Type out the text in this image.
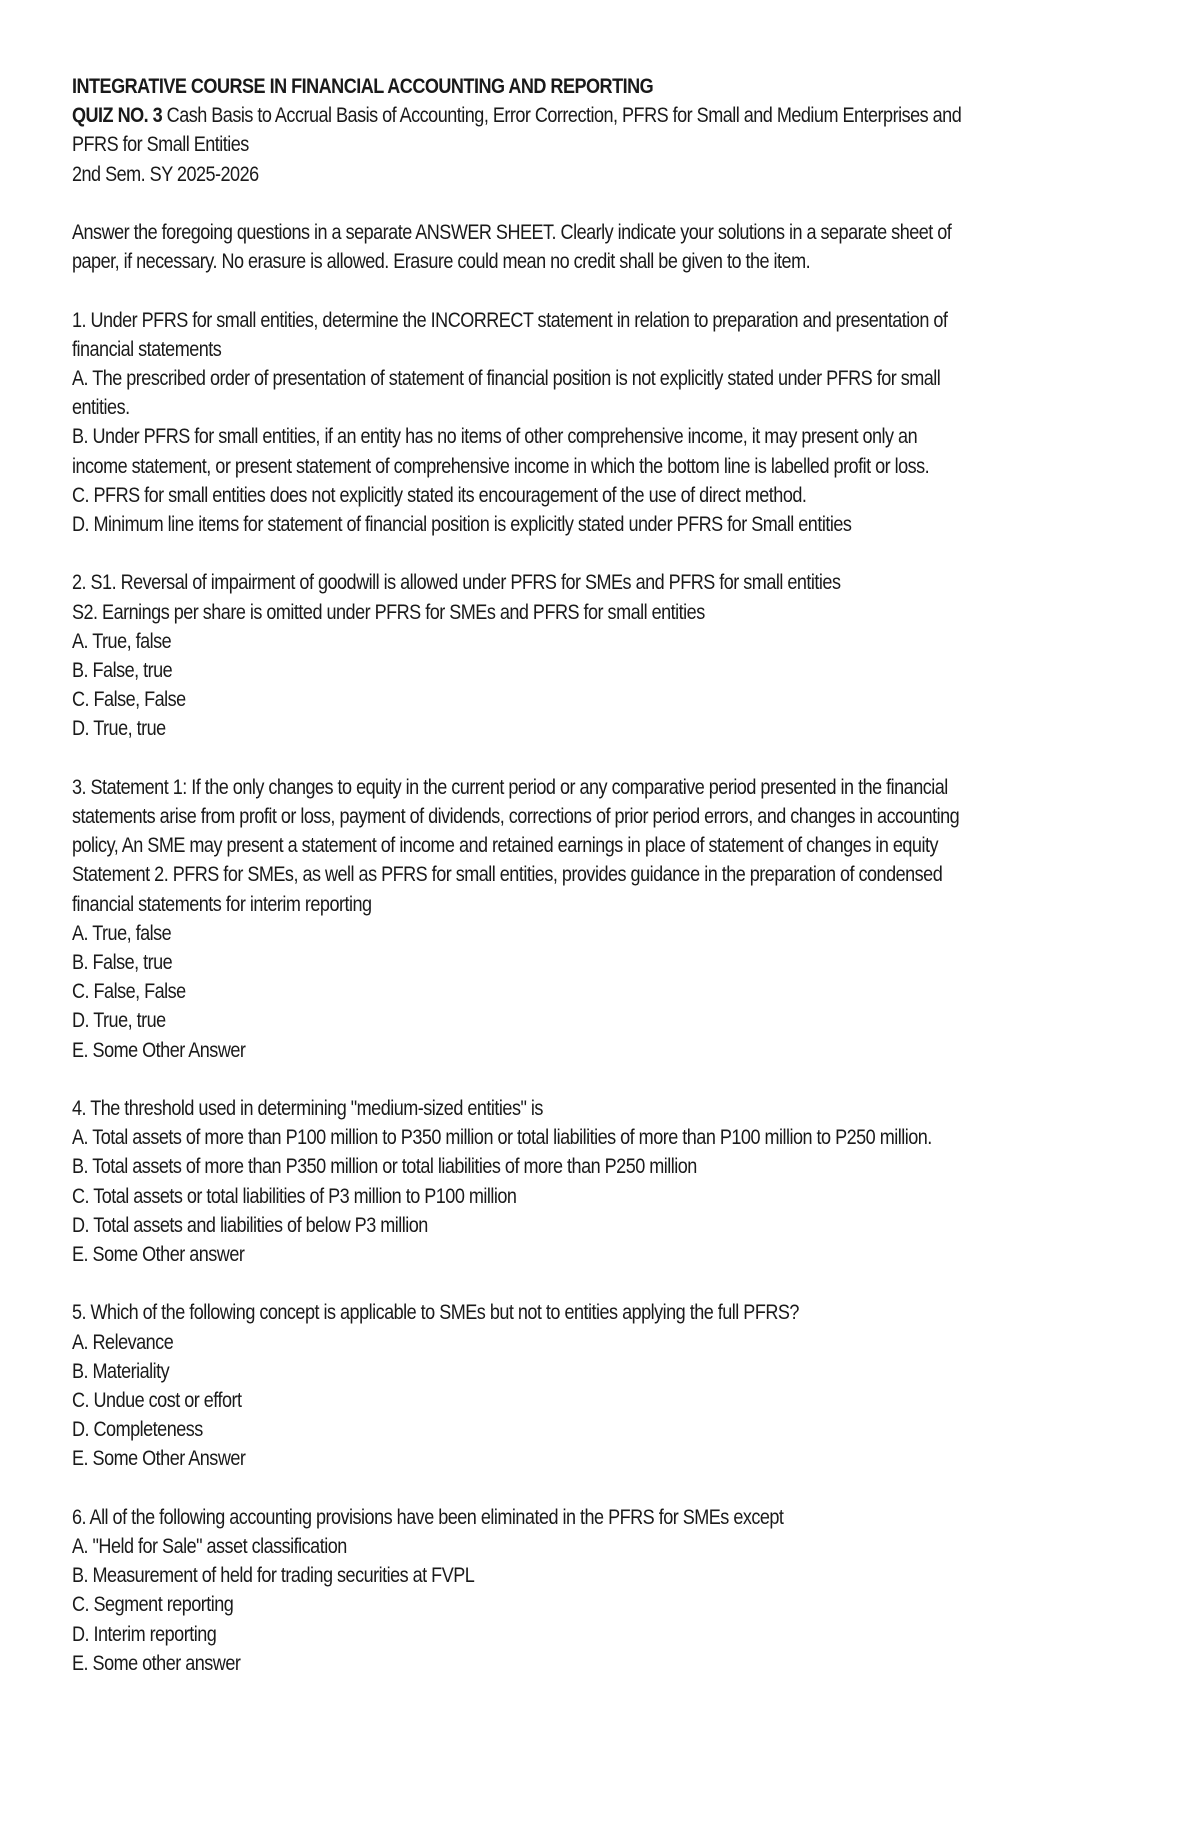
INTEGRATIVE COURSE IN FINANCIAL ACCOUNTING AND REPORTING

QUIZ NO. 3 Cash Basis to Accrual Basis of Accounting, Error Correction, PFRS for Small and Medium Enterprises and PFRS for Small Entities

2nd Sem. SY 2025-2026

Answer the foregoing questions in a separate ANSWER SHEET. Clearly indicate your solutions in a separate sheet of paper, if necessary. No erasure is allowed. Erasure could mean no credit shall be given to the item.

1. Under PFRS for small entities, determine the INCORRECT statement in relation to preparation and presentation of financial statements

A. The prescribed order of presentation of statement of financial position is not explicitly stated under PFRS for small entities.

B. Under PFRS for small entities, if an entity has no items of other comprehensive income, it may present only an income statement, or present statement of comprehensive income in which the bottom line is labelled profit or loss.

C. PFRS for small entities does not explicitly stated its encouragement of the use of direct method.

D. Minimum line items for statement of financial position is explicitly stated under PFRS for Small entities

2. S1. Reversal of impairment of goodwill is allowed under PFRS for SMEs and PFRS for small entities

S2. Earnings per share is omitted under PFRS for SMEs and PFRS for small entities

A. True, false

B. False, true

C. False, False

D. True, true

3. Statement 1: If the only changes to equity in the current period or any comparative period presented in the financial statements arise from profit or loss, payment of dividends, corrections of prior period errors, and changes in accounting policy, An SME may present a statement of income and retained earnings in place of statement of changes in equity

Statement 2. PFRS for SMEs, as well as PFRS for small entities, provides guidance in the preparation of condensed financial statements for interim reporting

A. True, false

B. False, true

C. False, False

D. True, true

E. Some Other Answer

4. The threshold used in determining "medium-sized entities" is

A. Total assets of more than P100 million to P350 million or total liabilities of more than P100 million to P250 million.

B. Total assets of more than P350 million or total liabilities of more than P250 million

C. Total assets or total liabilities of P3 million to P100 million

D. Total assets and liabilities of below P3 million

E. Some Other answer

5. Which of the following concept is applicable to SMEs but not to entities applying the full PFRS?

A. Relevance

B. Materiality

C. Undue cost or effort

D. Completeness

E. Some Other Answer

6. All of the following accounting provisions have been eliminated in the PFRS for SMEs except

A. "Held for Sale" asset classification

B. Measurement of held for trading securities at FVPL

C. Segment reporting

D. Interim reporting

E. Some other answer
